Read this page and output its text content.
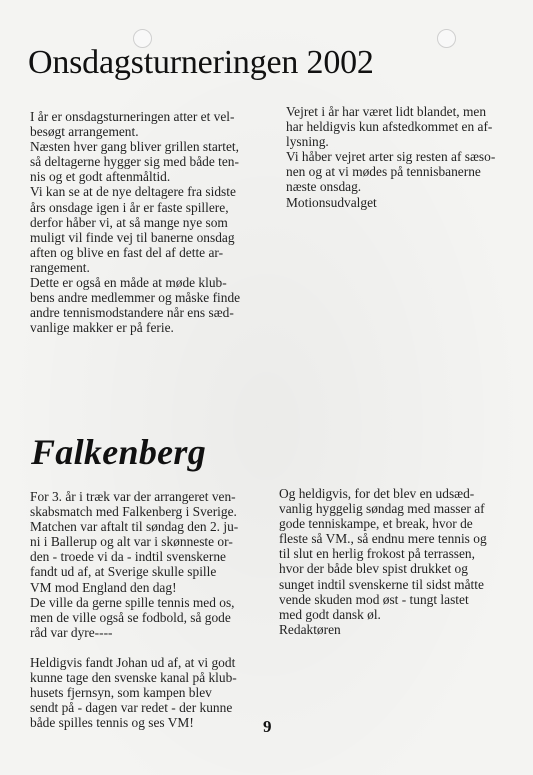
Onsdagsturneringen 2002

I år er onsdagsturneringen atter et vel-

besøgt arrangement.

Næsten hver gang bliver grillen startet,

så deltagerne hygger sig med både ten-

nis og et godt aftenmåltid.

Vi kan se at de nye deltagere fra sidste

års onsdage igen i år er faste spillere,

derfor håber vi, at så mange nye som

muligt vil finde vej til banerne onsdag

aften og blive en fast del af dette ar-

rangement.

Dette er også en måde at møde klub-

bens andre medlemmer og måske finde

andre tennismodstandere når ens sæd-

vanlige makker er på ferie.

Vejret i år har været lidt blandet, men

har heldigvis kun afstedkommet en af-

lysning.

Vi håber vejret arter sig resten af sæso-

nen og at vi mødes på tennisbanerne

næste onsdag.

Motionsudvalget

Falkenberg

For 3. år i træk var der arrangeret ven-

skabsmatch med Falkenberg i Sverige.

Matchen var aftalt til søndag den 2. ju-

ni i Ballerup og alt var i skønneste or-

den - troede vi da - indtil svenskerne

fandt ud af, at Sverige skulle spille

VM mod England den dag!

De ville da gerne spille tennis med os,

men de ville også se fodbold, så gode

råd var dyre----

Heldigvis fandt Johan ud af, at vi godt

kunne tage den svenske kanal på klub-

husets fjernsyn, som kampen blev

sendt på - dagen var redet - der kunne

både spilles tennis og ses VM!

Og heldigvis, for det blev en udsæd-

vanlig hyggelig søndag med masser af

gode tenniskampe, et break, hvor de

fleste så VM., så endnu mere tennis og

til slut en herlig frokost på terrassen,

hvor der både blev spist drukket og

sunget indtil svenskerne til sidst måtte

vende skuden mod øst - tungt lastet

med godt dansk øl.

Redaktøren

9
